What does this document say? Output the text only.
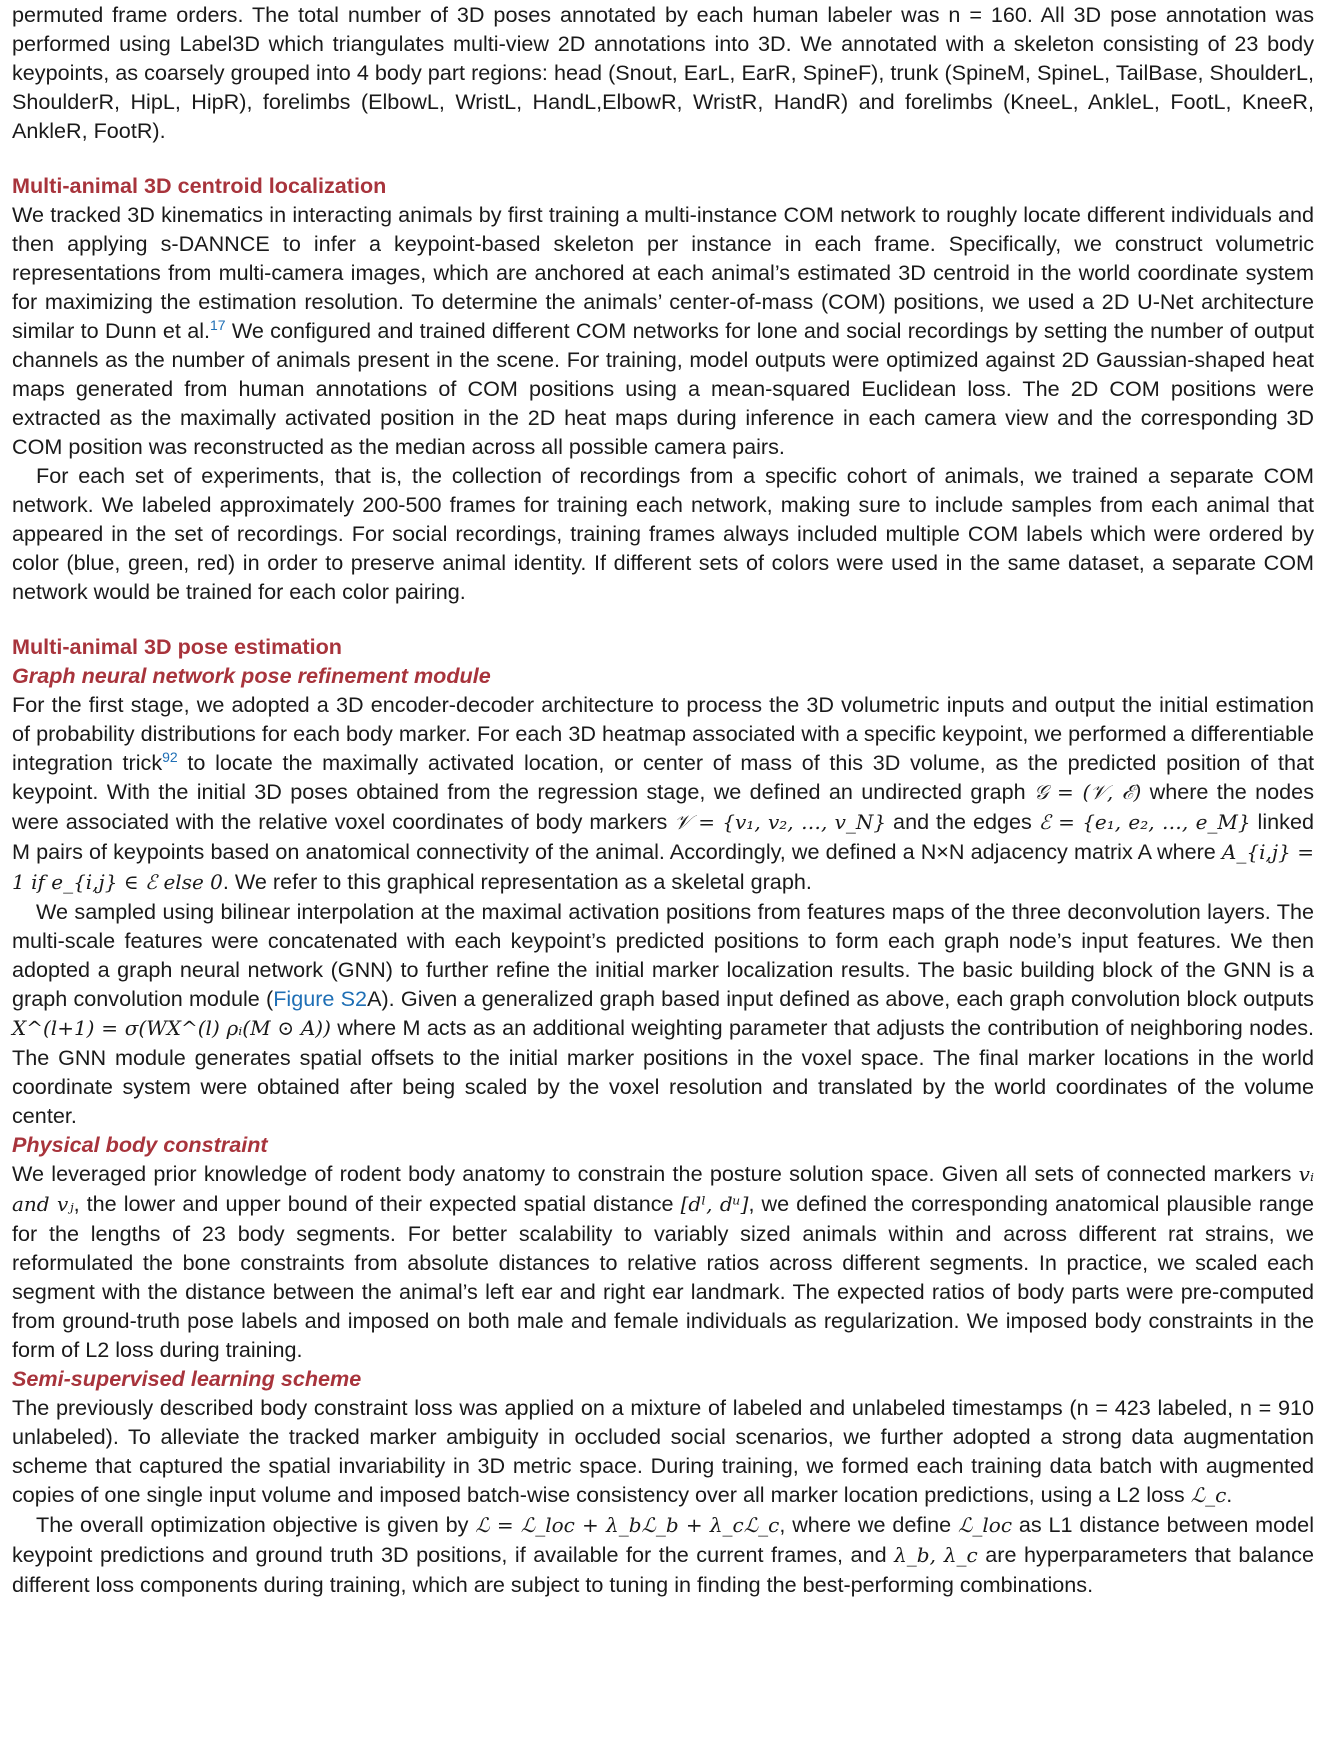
permuted frame orders. The total number of 3D poses annotated by each human labeler was n = 160. All 3D pose annotation was performed using Label3D which triangulates multi-view 2D annotations into 3D. We annotated with a skeleton consisting of 23 body keypoints, as coarsely grouped into 4 body part regions: head (Snout, EarL, EarR, SpineF), trunk (SpineM, SpineL, TailBase, ShoulderL, ShoulderR, HipL, HipR), forelimbs (ElbowL, WristL, HandL,ElbowR, WristR, HandR) and forelimbs (KneeL, AnkleL, FootL, KneeR, AnkleR, FootR).

Multi-animal 3D centroid localization

We tracked 3D kinematics in interacting animals by first training a multi-instance COM network to roughly locate different individuals and then applying s-DANNCE to infer a keypoint-based skeleton per instance in each frame. Specifically, we construct volumetric representations from multi-camera images, which are anchored at each animal’s estimated 3D centroid in the world coordinate system for maximizing the estimation resolution. To determine the animals’ center-of-mass (COM) positions, we used a 2D U-Net architecture similar to Dunn et al.$^{17}$ We configured and trained different COM networks for lone and social recordings by setting the number of output channels as the number of animals present in the scene. For training, model outputs were optimized against 2D Gaussian-shaped heat maps generated from human annotations of COM positions using a mean-squared Euclidean loss. The 2D COM positions were extracted as the maximally activated position in the 2D heat maps during inference in each camera view and the corresponding 3D COM position was reconstructed as the median across all possible camera pairs.

For each set of experiments, that is, the collection of recordings from a specific cohort of animals, we trained a separate COM network. We labeled approximately 200-500 frames for training each network, making sure to include samples from each animal that appeared in the set of recordings. For social recordings, training frames always included multiple COM labels which were ordered by color (blue, green, red) in order to preserve animal identity. If different sets of colors were used in the same dataset, a separate COM network would be trained for each color pairing.

Multi-animal 3D pose estimation
Graph neural network pose refinement module

For the first stage, we adopted a 3D encoder-decoder architecture to process the 3D volumetric inputs and output the initial estimation of probability distributions for each body marker. For each 3D heatmap associated with a specific keypoint, we performed a differentiable integration trick$^{92}$ to locate the maximally activated location, or center of mass of this 3D volume, as the predicted position of that keypoint. With the initial 3D poses obtained from the regression stage, we defined an undirected graph 𝒢 = (𝒱, ℰ) where the nodes were associated with the relative voxel coordinates of body markers 𝒱 = {v₁, v₂, …, v_N} and the edges ℰ = {e₁, e₂, …, e_M} linked M pairs of keypoints based on anatomical connectivity of the animal. Accordingly, we defined a N×N adjacency matrix A where A_{i,j} = 1 if e_{i,j} ∈ ℰ else 0. We refer to this graphical representation as a skeletal graph.

We sampled using bilinear interpolation at the maximal activation positions from features maps of the three deconvolution layers. The multi-scale features were concatenated with each keypoint’s predicted positions to form each graph node’s input features. We then adopted a graph neural network (GNN) to further refine the initial marker localization results. The basic building block of the GNN is a graph convolution module (Figure S2A). Given a generalized graph based input defined as above, each graph convolution block outputs X^(l+1) = σ(WX^(l) ρᵢ(M ⊙ A)) where M acts as an additional weighting parameter that adjusts the contribution of neighboring nodes. The GNN module generates spatial offsets to the initial marker positions in the voxel space. The final marker locations in the world coordinate system were obtained after being scaled by the voxel resolution and translated by the world coordinates of the volume center.

Physical body constraint

We leveraged prior knowledge of rodent body anatomy to constrain the posture solution space. Given all sets of connected markers vᵢ and vⱼ, the lower and upper bound of their expected spatial distance [dˡ, dᵘ], we defined the corresponding anatomical plausible range for the lengths of 23 body segments. For better scalability to variably sized animals within and across different rat strains, we reformulated the bone constraints from absolute distances to relative ratios across different segments. In practice, we scaled each segment with the distance between the animal’s left ear and right ear landmark. The expected ratios of body parts were pre-computed from ground-truth pose labels and imposed on both male and female individuals as regularization. We imposed body constraints in the form of L2 loss during training.

Semi-supervised learning scheme

The previously described body constraint loss was applied on a mixture of labeled and unlabeled timestamps (n = 423 labeled, n = 910 unlabeled). To alleviate the tracked marker ambiguity in occluded social scenarios, we further adopted a strong data augmentation scheme that captured the spatial invariability in 3D metric space. During training, we formed each training data batch with augmented copies of one single input volume and imposed batch-wise consistency over all marker location predictions, using a L2 loss ℒ_c.

The overall optimization objective is given by ℒ = ℒ_loc + λ_bℒ_b + λ_cℒ_c, where we define ℒ_loc as L1 distance between model keypoint predictions and ground truth 3D positions, if available for the current frames, and λ_b, λ_c are hyperparameters that balance different loss components during training, which are subject to tuning in finding the best-performing combinations.
